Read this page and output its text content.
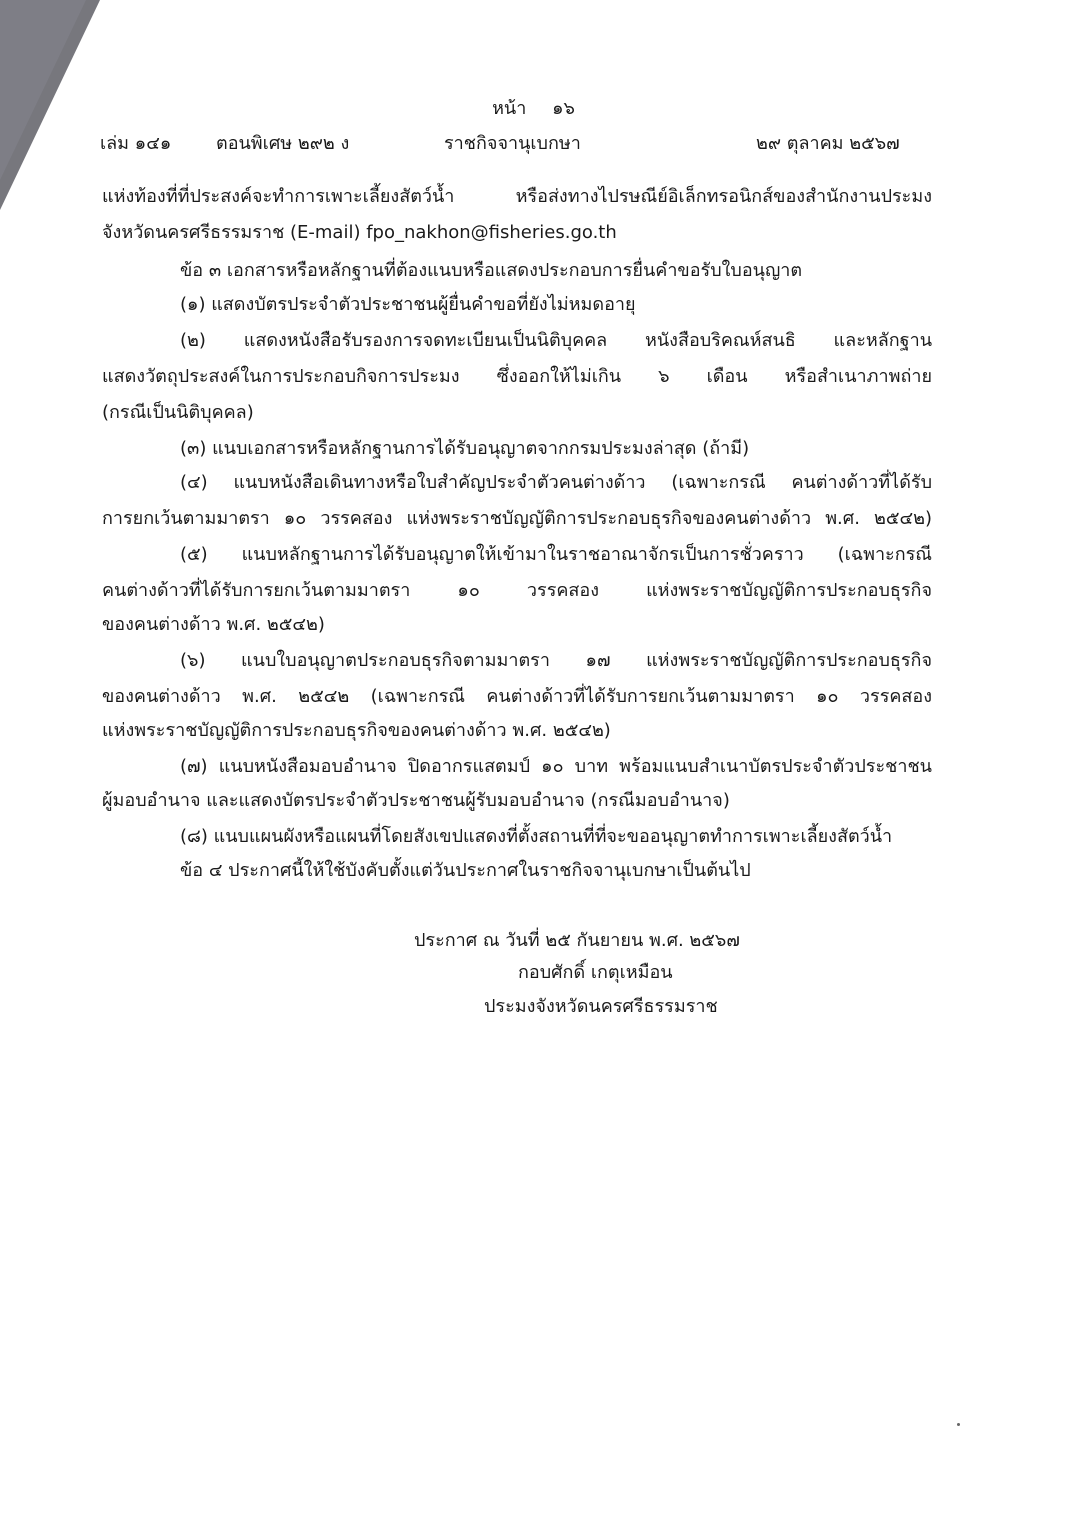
หน้า ๑๖
เล่ม ๑๔๑ ตอนพิเศษ ๒๙๒ ง	ราชกิจจานุเบกษา	๒๙ ตุลาคม ๒๕๖๗
แห่งท้องที่ที่ประสงค์จะทำการเพาะเลี้ยงสัตว์น้ำ หรือส่งทางไปรษณีย์อิเล็กทรอนิกส์ของสำนักงานประมง
จังหวัดนครศรีธรรมราช (E-mail) fpo_nakhon@fisheries.go.th
ข้อ ๓ เอกสารหรือหลักฐานที่ต้องแนบหรือแสดงประกอบการยื่นคำขอรับใบอนุญาต
(๑) แสดงบัตรประจำตัวประชาชนผู้ยื่นคำขอที่ยังไม่หมดอายุ
(๒) แสดงหนังสือรับรองการจดทะเบียนเป็นนิติบุคคล หนังสือบริคณห์สนธิ และหลักฐาน
แสดงวัตถุประสงค์ในการประกอบกิจการประมง ซึ่งออกให้ไม่เกิน ๖ เดือน หรือสำเนาภาพถ่าย
(กรณีเป็นนิติบุคคล)
(๓) แนบเอกสารหรือหลักฐานการได้รับอนุญาตจากกรมประมงล่าสุด (ถ้ามี)
(๔) แนบหนังสือเดินทางหรือใบสำคัญประจำตัวคนต่างด้าว (เฉพาะกรณี คนต่างด้าวที่ได้รับ
การยกเว้นตามมาตรา ๑๐ วรรคสอง แห่งพระราชบัญญัติการประกอบธุรกิจของคนต่างด้าว พ.ศ. ๒๕๔๒)
(๕) แนบหลักฐานการได้รับอนุญาตให้เข้ามาในราชอาณาจักรเป็นการชั่วคราว (เฉพาะกรณี
คนต่างด้าวที่ได้รับการยกเว้นตามมาตรา ๑๐ วรรคสอง แห่งพระราชบัญญัติการประกอบธุรกิจ
ของคนต่างด้าว พ.ศ. ๒๕๔๒)
(๖) แนบใบอนุญาตประกอบธุรกิจตามมาตรา ๑๗ แห่งพระราชบัญญัติการประกอบธุรกิจ
ของคนต่างด้าว พ.ศ. ๒๕๔๒ (เฉพาะกรณี คนต่างด้าวที่ได้รับการยกเว้นตามมาตรา ๑๐ วรรคสอง
แห่งพระราชบัญญัติการประกอบธุรกิจของคนต่างด้าว พ.ศ. ๒๕๔๒)
(๗) แนบหนังสือมอบอำนาจ ปิดอากรแสตมป์ ๑๐ บาท พร้อมแนบสำเนาบัตรประจำตัวประชาชน
ผู้มอบอำนาจ และแสดงบัตรประจำตัวประชาชนผู้รับมอบอำนาจ (กรณีมอบอำนาจ)
(๘) แนบแผนผังหรือแผนที่โดยสังเขปแสดงที่ตั้งสถานที่ที่จะขออนุญาตทำการเพาะเลี้ยงสัตว์น้ำ
ข้อ ๔ ประกาศนี้ให้ใช้บังคับตั้งแต่วันประกาศในราชกิจจานุเบกษาเป็นต้นไป
ประกาศ ณ วันที่ ๒๕ กันยายน พ.ศ. ๒๕๖๗
กอบศักดิ์ เกตุเหมือน
ประมงจังหวัดนครศรีธรรมราช
